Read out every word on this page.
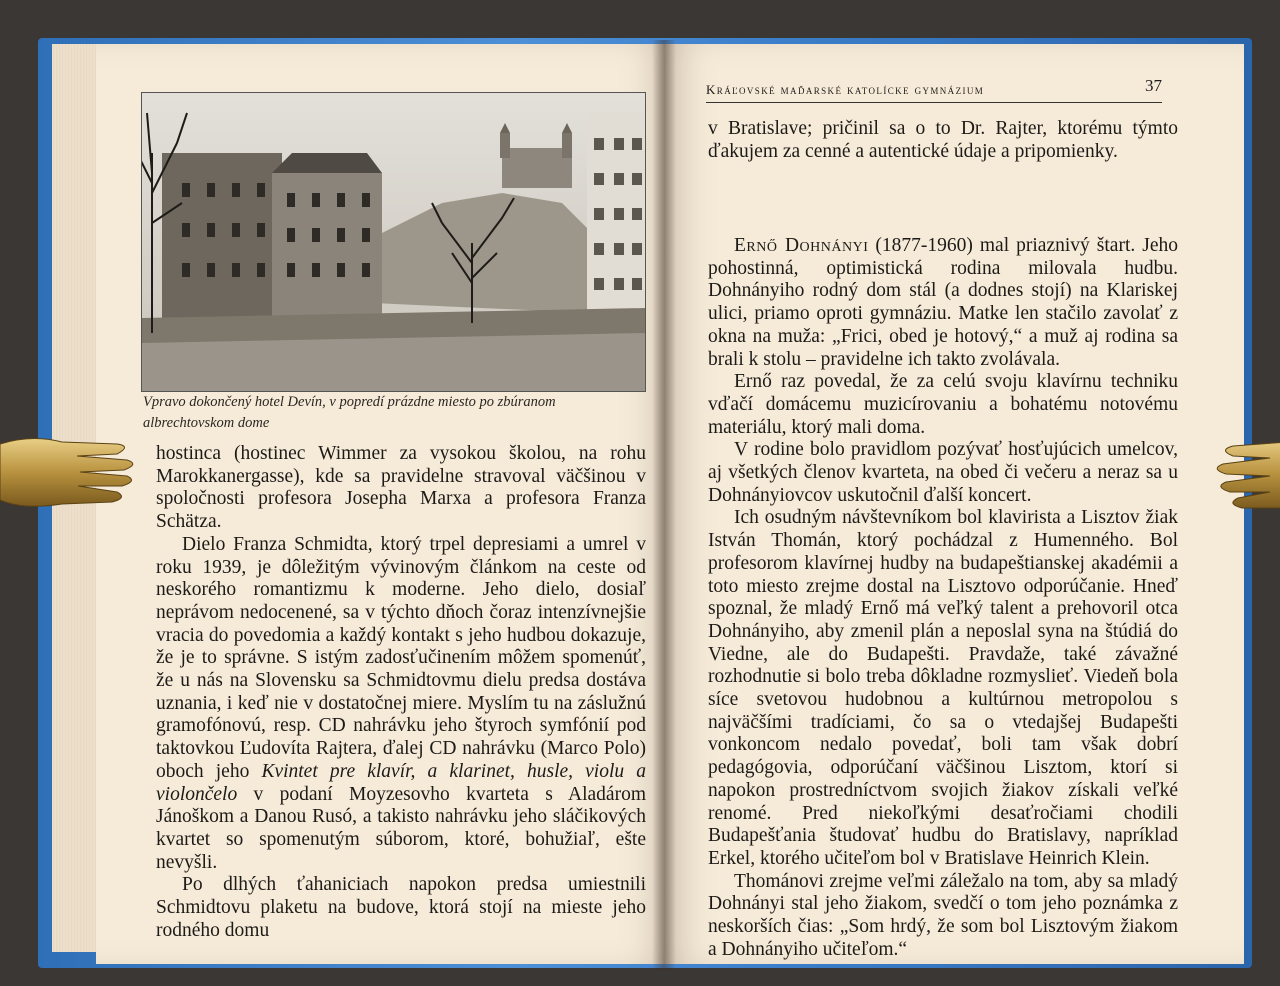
Vpravo dokončený hotel Devín, v popredí prázdne miesto po zbúranom albrechtovskom dome

hostinca (hostinec Wimmer za vysokou školou, na rohu Marokkanergasse), kde sa pravidelne stravoval väčšinou v spoločnosti profesora Josepha Marxa a profesora Franza Schätza.

Dielo Franza Schmidta, ktorý trpel depresiami a umrel v roku 1939, je dôležitým vývinovým článkom na ceste od neskorého romantizmu k moderne. Jeho dielo, dosiaľ neprávom nedocenené, sa v týchto dňoch čoraz intenzívnejšie vracia do povedomia a každý kontakt s jeho hudbou dokazuje, že je to správne. S istým zadosťučinením môžem spomenúť, že u nás na Slovensku sa Schmidtovmu dielu predsa dostáva uznania, i keď nie v dostatočnej miere. Myslím tu na záslužnú gramofónovú, resp. CD nahrávku jeho štyroch symfónií pod taktovkou Ľudovíta Rajtera, ďalej CD nahrávku (Marco Polo) oboch jeho Kvintet pre klavír, a klarinet, husle, violu a violončelo v podaní Moyzesovho kvarteta s Aladárom Jánoškom a Danou Rusó, a takisto nahrávku jeho sláčikových kvartet so spomenutým súborom, ktoré, bohužiaľ, ešte nevyšli.

Po dlhých ťahaniciach napokon predsa umiestnili Schmidtovu plaketu na budove, ktorá stojí na mieste jeho rodného domu

Kráľovské maďarské katolícke gymnázium	37

v Bratislave; pričinil sa o to Dr. Rajter, ktorému týmto ďakujem za cenné a autentické údaje a pripomienky.

Ernő Dohnányi (1877-1960) mal priaznivý štart. Jeho pohostinná, optimistická rodina milovala hudbu. Dohnányiho rodný dom stál (a dodnes stojí) na Klariskej ulici, priamo oproti gymnáziu. Matke len stačilo zavolať z okna na muža: „Frici, obed je hotový,“ a muž aj rodina sa brali k stolu – pravidelne ich takto zvolávala.

Ernő raz povedal, že za celú svoju klavírnu techniku vďačí domácemu muzicírovaniu a bohatému notovému materiálu, ktorý mali doma.

V rodine bolo pravidlom pozývať hosťujúcich umelcov, aj všetkých členov kvarteta, na obed či večeru a neraz sa u Dohnányiovcov uskutočnil ďalší koncert.

Ich osudným návštevníkom bol klavirista a Lisztov žiak István Thomán, ktorý pochádzal z Humenného. Bol profesorom klavírnej hudby na budapeštianskej akadémii a toto miesto zrejme dostal na Lisztovo odporúčanie. Hneď spoznal, že mladý Ernő má veľký talent a prehovoril otca Dohnányiho, aby zmenil plán a neposlal syna na štúdiá do Viedne, ale do Budapešti. Pravdaže, také závažné rozhodnutie si bolo treba dôkladne rozmyslieť. Viedeň bola síce svetovou hudobnou a kultúrnou metropolou s najväčšími tradíciami, čo sa o vtedajšej Budapešti vonkoncom nedalo povedať, boli tam však dobrí pedagógovia, odporúčaní väčšinou Lisztom, ktorí si napokon prostredníctvom svojich žiakov získali veľké renomé. Pred niekoľkými desaťročiami chodili Budapešťania študovať hudbu do Bratislavy, napríklad Erkel, ktorého učiteľom bol v Bratislave Heinrich Klein.

Thománovi zrejme veľmi záležalo na tom, aby sa mladý Dohnányi stal jeho žiakom, svedčí o tom jeho poznámka z neskorších čias: „Som hrdý, že som bol Lisztovým žiakom a Dohnányiho učiteľom.“
